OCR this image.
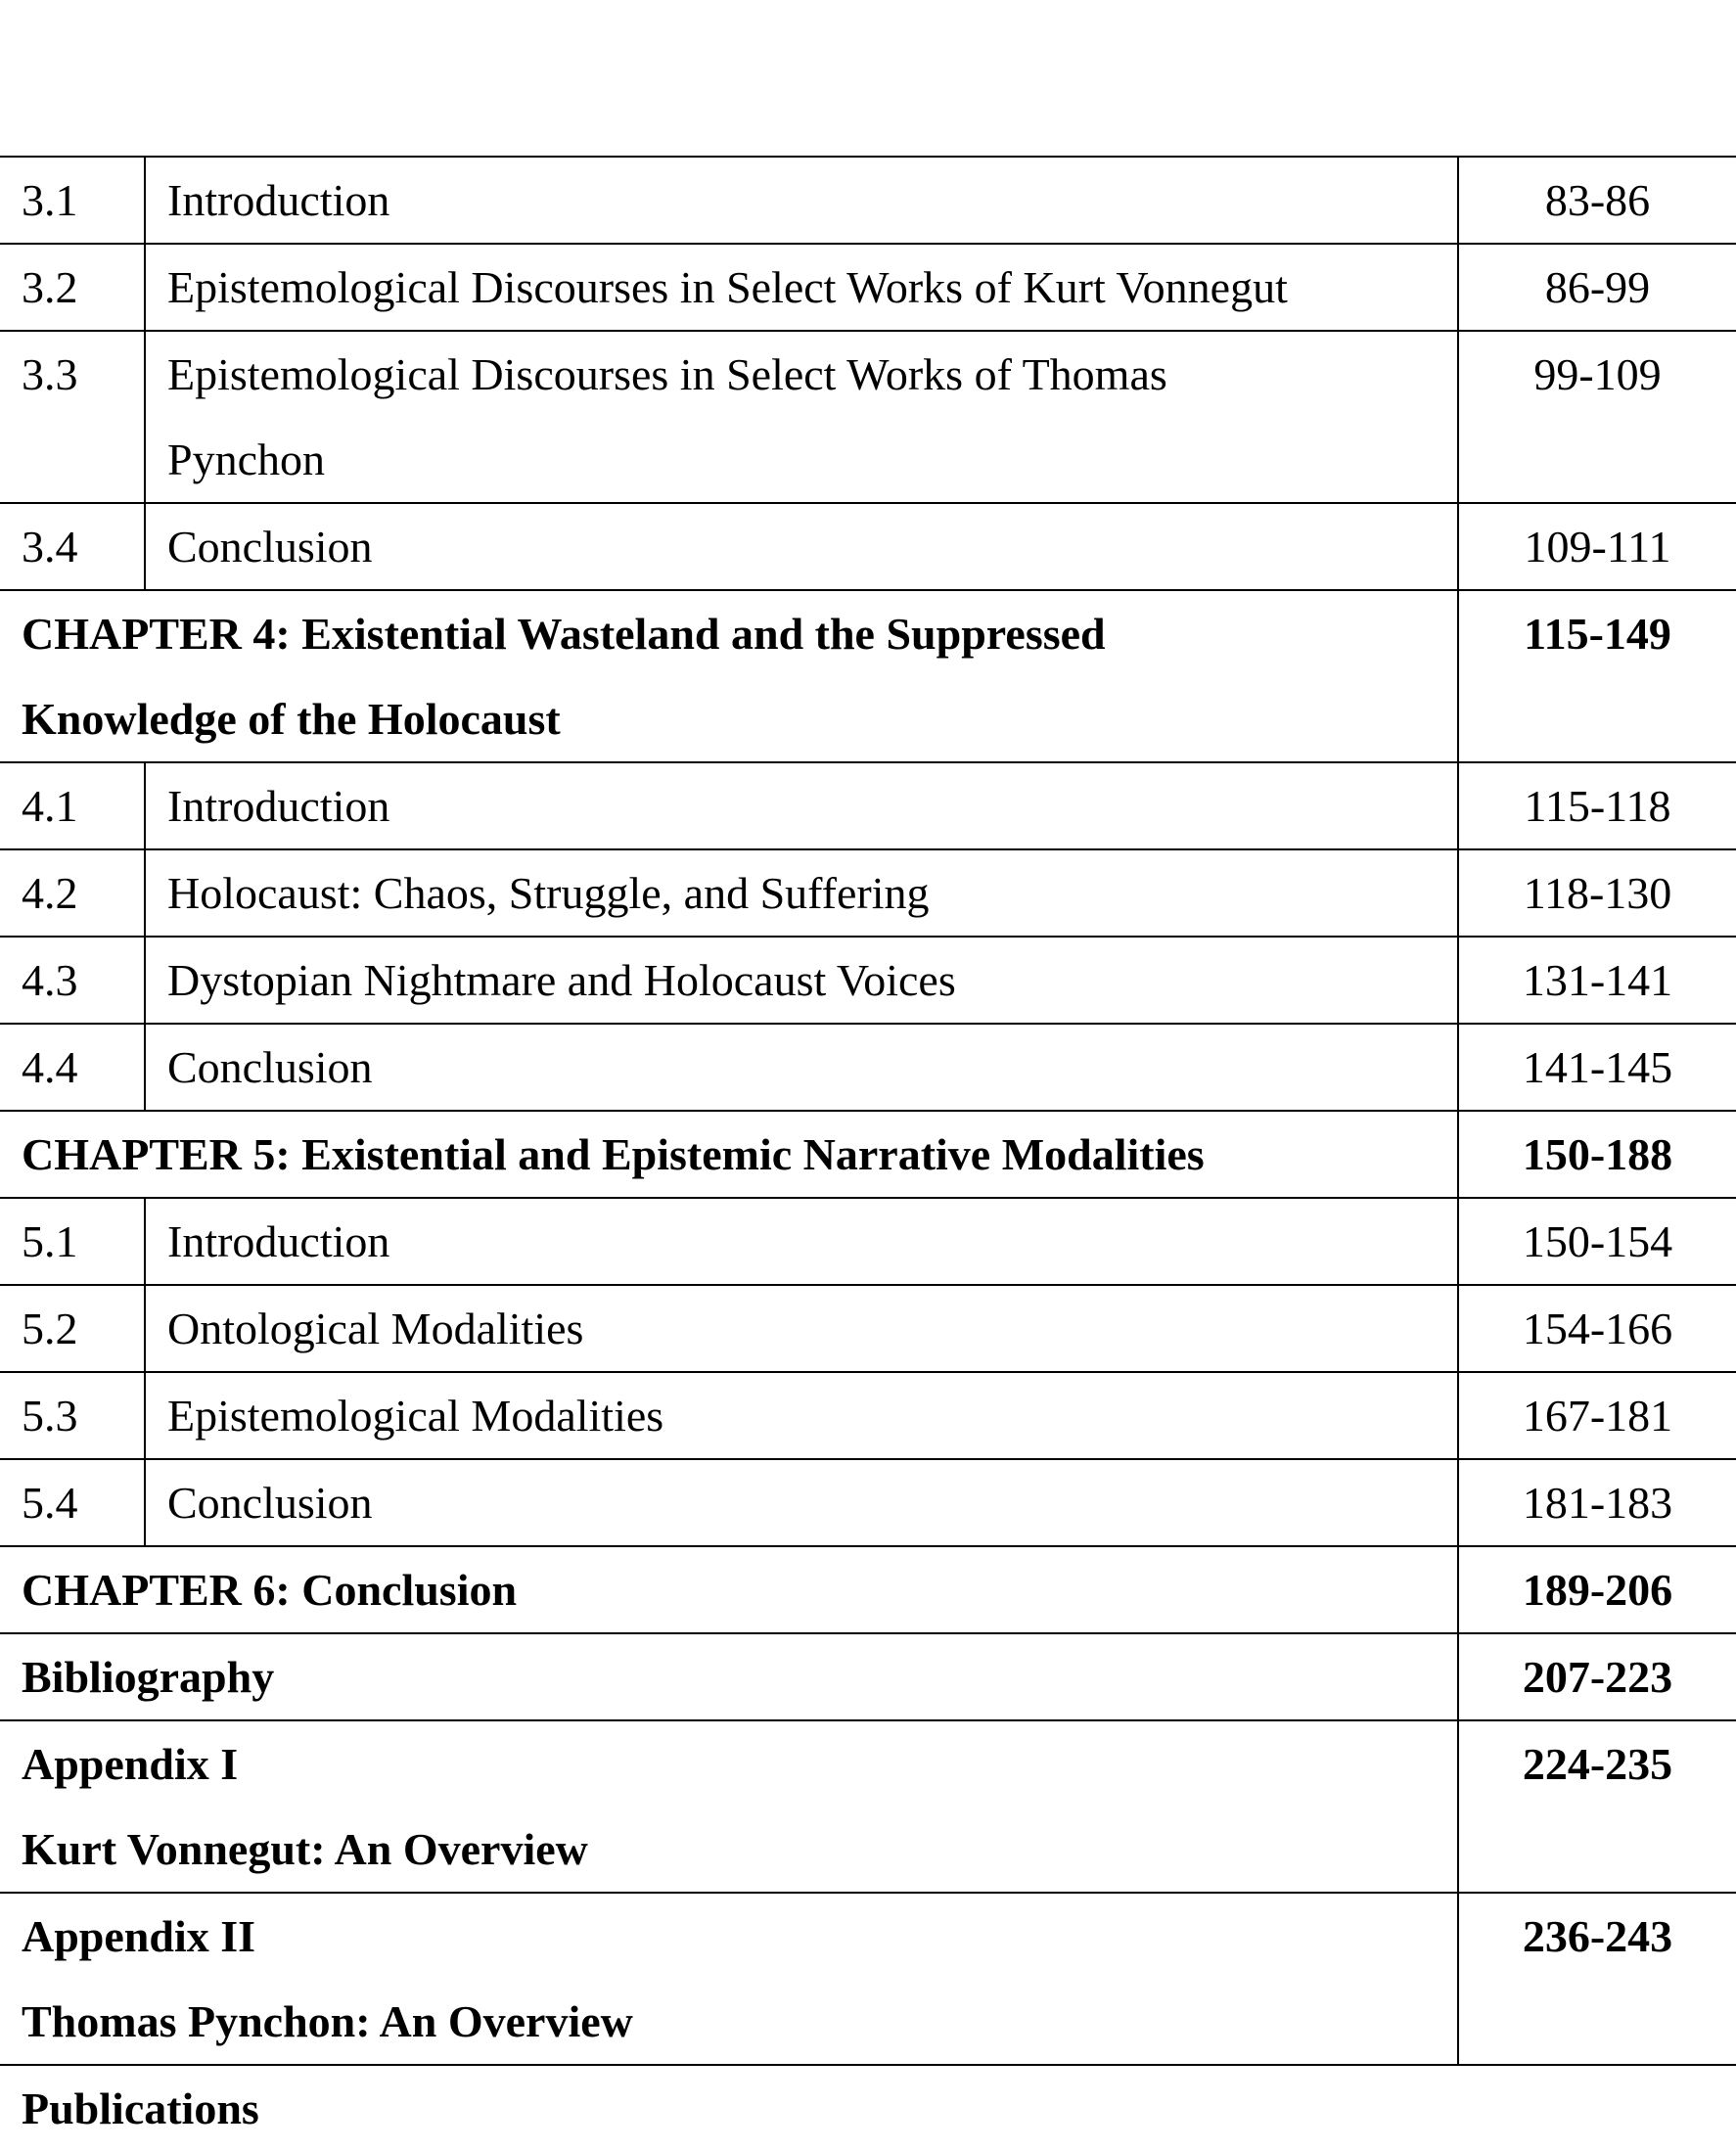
3.1	Introduction	83-86
3.2	Epistemological Discourses in Select Works of Kurt Vonnegut	86-99
3.3	Epistemological Discourses in Select Works of Thomas
Pynchon	99-109
3.4	Conclusion	109-111

CHAPTER 4: Existential Wasteland and the Suppressed
Knowledge of the Holocaust		115-149
4.1	Introduction	115-118
4.2	Holocaust: Chaos, Struggle, and Suffering	118-130
4.3	Dystopian Nightmare and Holocaust Voices	131-141
4.4	Conclusion	141-145
CHAPTER 5: Existential and Epistemic Narrative Modalities		150-188
5.1	Introduction	150-154
5.2	Ontological Modalities	154-166
5.3	Epistemological Modalities	167-181
5.4	Conclusion	181-183
CHAPTER 6: Conclusion		189-206
Bibliography		207-223

Appendix I
Kurt Vonnegut: An Overview		224-235

Appendix II
Thomas Pynchon: An Overview		236-243
Publications		
